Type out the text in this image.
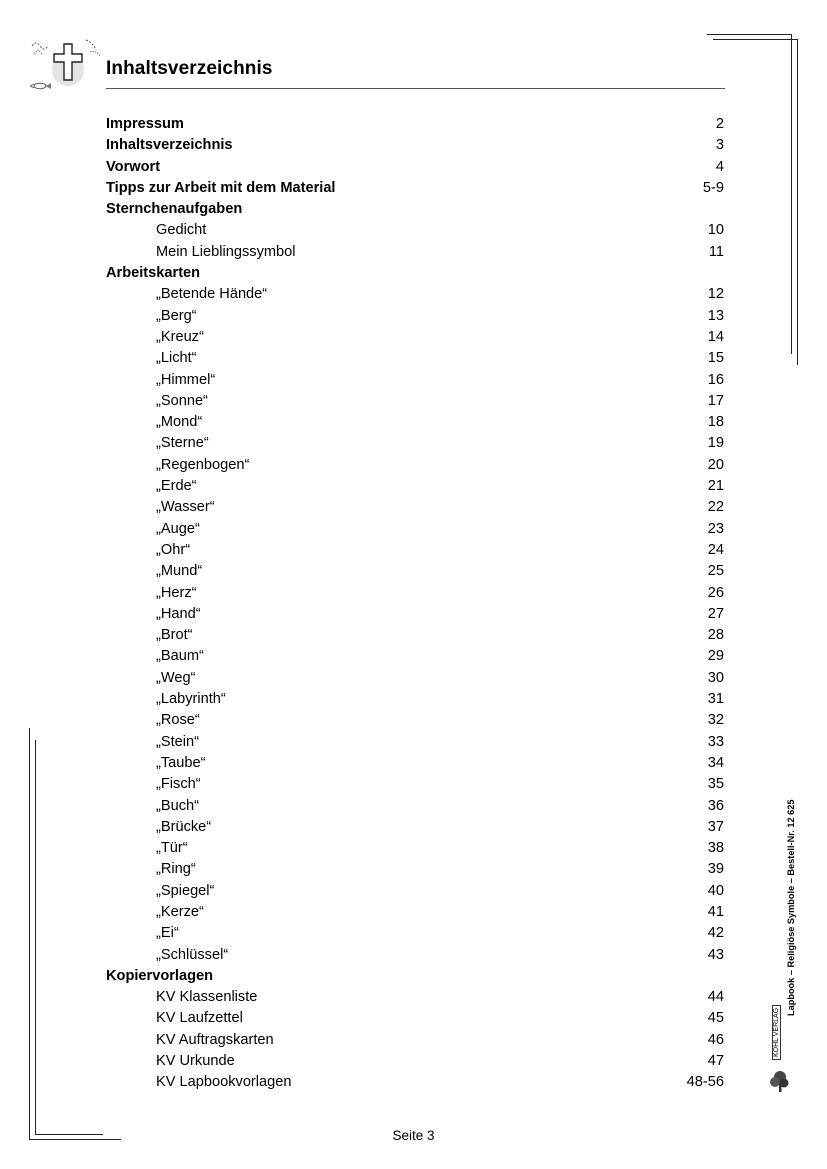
Inhaltsverzeichnis
Impressum	2
Inhaltsverzeichnis	3
Vorwort	4
Tipps zur Arbeit mit dem Material	5-9
Sternchenaufgaben
Gedicht	10
Mein Lieblingssymbol	11
Arbeitskarten
„Betende Hände“	12
„Berg“	13
„Kreuz“	14
„Licht“	15
„Himmel“	16
„Sonne“	17
„Mond“	18
„Sterne“	19
„Regenbogen“	20
„Erde“	21
„Wasser“	22
„Auge“	23
„Ohr“	24
„Mund“	25
„Herz“	26
„Hand“	27
„Brot“	28
„Baum“	29
„Weg“	30
„Labyrinth“	31
„Rose“	32
„Stein“	33
„Taube“	34
„Fisch“	35
„Buch“	36
„Brücke“	37
„Tür“	38
„Ring“	39
„Spiegel“	40
„Kerze“	41
„Ei“	42
„Schlüssel“	43
Kopiervorlagen
KV Klassenliste	44
KV Laufzettel	45
KV Auftragskarten	46
KV Urkunde	47
KV Lapbookvorlagen	48-56
Lapbook – Religiöse Symbole – Bestell-Nr. 12 625
KOHL VERLAG
Seite 3
